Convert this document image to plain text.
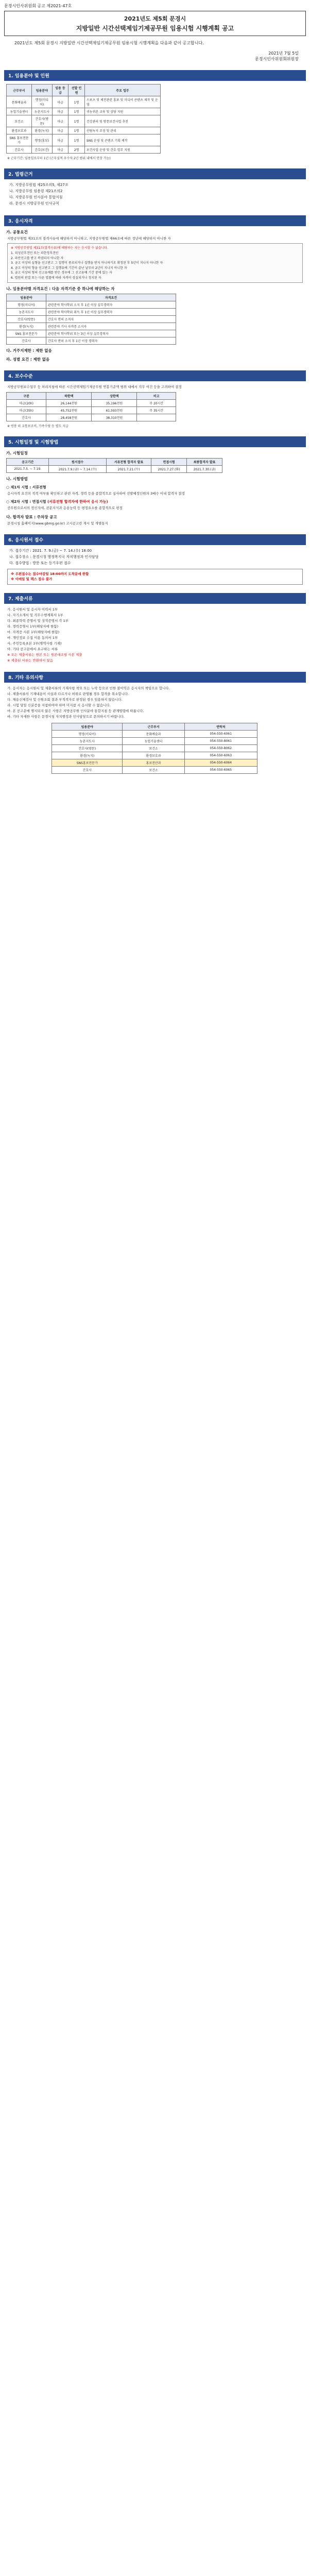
문경시인사위원회 공고 제2021-47호
2021년도 제5회 문경시
지방일반 시간선택제임기제공무원 임용시험 시행계획 공고
2021년도 제5회 문경시 지방일반 시간선택제임기제공무원 임용시험 시행계획을 다음과 같이 공고합니다.
2021년 7월 5일
문경시인사위원회위원장
1. 임용분야 및 인원
근무부서	임용분야	임용 등급	선발 인원	주요 업무
문화예술과	행정(미디어)	마급	1명	스포츠 및 체전관련 홍보 및 미디어 콘텐츠 제작 및 운영
농업기술센터	농촌지도사	마급	1명	귀농귀촌 교육 및 상담 지원
보건소	간호사(방문)	마급	1명	건강관리 및 방문보건사업 추진
환경보호과	환경(녹지)	마급	1명	산림녹지 조성 및 관리
SNS 홍보전문가	행정(홍보)	마급	1명	SNS 운영 및 콘텐츠 기획 제작
간호사	간호(보건)	마급	2명	보건사업 운영 및 간호 업무 지원
※ 근무기간: 임용일로부터 1년 (근무실적 우수자 2년 범위 내에서 연장 가능)
2. 법령근거
가. 지방공무원법 제25조의5, 제27조
나. 지방공무원 임용령 제21조의2
다. 지방공무원 인사분야 통합지침
라. 문경시 지방공무원 인사규칙
3. 응시자격
가. 공통요건
지방공무원법 제31조의 결격사유에 해당하지 아니하고, 지방공무원법 제66조에 따른 정년에 해당하지 아니한 자
※ 지방공무원법 제31조(결격사유)에 해당하는 자는 응시할 수 없습니다.
1. 피성년후견인 또는 피한정후견인
2. 파산선고를 받고 복권되지 아니한 자
3. 금고 이상의 실형을 선고받고 그 집행이 종료되거나 집행을 받지 아니하기로 확정된 후 5년이 지나지 아니한 자
4. 금고 이상의 형을 선고받고 그 집행유예 기간이 끝난 날부터 2년이 지나지 아니한 자
5. 금고 이상의 형의 선고유예를 받은 경우에 그 선고유예 기간 중에 있는 자
6. 법원의 판결 또는 다른 법률에 따라 자격이 상실되거나 정지된 자
나. 임용분야별 자격요건 : 다음 자격기준 중 하나에 해당하는 자
임용분야	자격요건
행정(미디어)	관련분야 학사학위 소지 후 1년 이상 실무경력자
농촌지도사	관련분야 학사학위 취득 후 1년 이상 실무경력자
간호사(방문)	간호사 면허 소지자
환경(녹지)	관련분야 기사 자격증 소지자
SNS 홍보전문가	관련분야 학사학위 또는 3년 이상 실무경력자
간호사	간호사 면허 소지 후 1년 이상 경력자
다. 거주지제한 : 제한 없음
라. 성별 요건 : 제한 없음
4. 보수수준
지방공무원보수업무 등 처리지침에 따른 시간선택제임기제공무원 연봉기준액 범위 내에서 직무 여건 등을 고려하여 결정
구분	하한액	상한액	비고
마급(20h)	26,144천원	35,196천원	주 20시간
마급(35h)	45,752천원	61,593천원	주 35시간
간호사	28,458천원	38,310천원	
※ 연봉 외 교통보조비, 가족수당 등 별도 지급
5. 시험일정 및 시험방법
가. 시험일정
공고기간	원서접수	서류전형 합격자 발표	면접시험	최종합격자 발표
2021.7.5. ~ 7.19.	2021.7.9.(금) ~ 7.14.(수)	2021.7.21.(수)	2021.7.27.(화)	2021.7.30.(금)
나. 시험방법
○ 제1차 시험 : 서류전형
응시자격 요건의 적격 여부를 확인하고 관련 자격, 경력 등을 종합적으로 심사하여 선발예정인원의 3배수 이내 합격자 결정
○ 제2차 시험 : 면접시험 (서류전형 합격자에 한하여 응시 가능)
공무원으로서의 정신자세, 전문지식과 응용능력 등 평정요소를 종합적으로 평정
다. 합격자 발표 : 주차장 공고
문경시청 홈페이지(www.gbmg.go.kr) 고시공고란 게시 및 개별통지
6. 응시원서 접수
가. 접수기간 : 2021. 7. 9.(금) ~ 7. 14.(수) 18:00
나. 접수장소 : 문경시청 행정복지국 자치행정과 인사담당
다. 접수방법 : 방문 또는 등기우편 접수
※ 우편접수는 접수마감일 18:00까지 도착분에 한함
※ 이메일 및 팩스 접수 불가
7. 제출서류
가. 응시원서 및 응시자 이력서 1부
나. 자기소개서 및 직무수행계획서 1부
다. 최종학력 증명서 및 성적증명서 각 1부
라. 경력증명서 1부(해당자에 한함)
마. 자격증 사본 1부(해당자에 한함)
바. 개인정보 수집 이용 동의서 1부
사. 주민등록초본 1부(병역사항 기재)
아. 기타 공고문에서 요구하는 서류
※ 모든 제출서류는 원본 또는 원본대조필 사본 제출
※ 제출된 서류는 반환하지 않음
8. 기타 유의사항
가. 응시자는 응시원서 및 제출서류의 기재사항 착오 또는 누락 등으로 인한 불이익은 응시자의 책임으로 합니다.
나. 제출서류의 기재내용이 사실과 다르거나 허위로 판명될 경우 합격을 취소합니다.
다. 채용신체검사 및 신원조회 결과 부적격자로 판정된 경우 임용하지 않습니다.
라. 시험 당일 신분증을 지참하여야 하며 미지참 시 응시할 수 없습니다.
마. 본 공고문에 명시되지 않은 사항은 지방공무원 인사분야 통합지침 등 관계법령에 따릅니다.
바. 기타 자세한 사항은 문경시청 자치행정과 인사담당으로 문의하시기 바랍니다.
임용분야	근무부서	연락처
행정(미디어)	문화예술과	054-550-6061
농촌지도사	농업기술센터	054-550-8061
간호사(방문)	보건소	054-550-8062
환경(녹지)	환경보호과	054-550-6063
SNS홍보전문가	홍보전산과	054-550-6064
간호사	보건소	054-550-6065
